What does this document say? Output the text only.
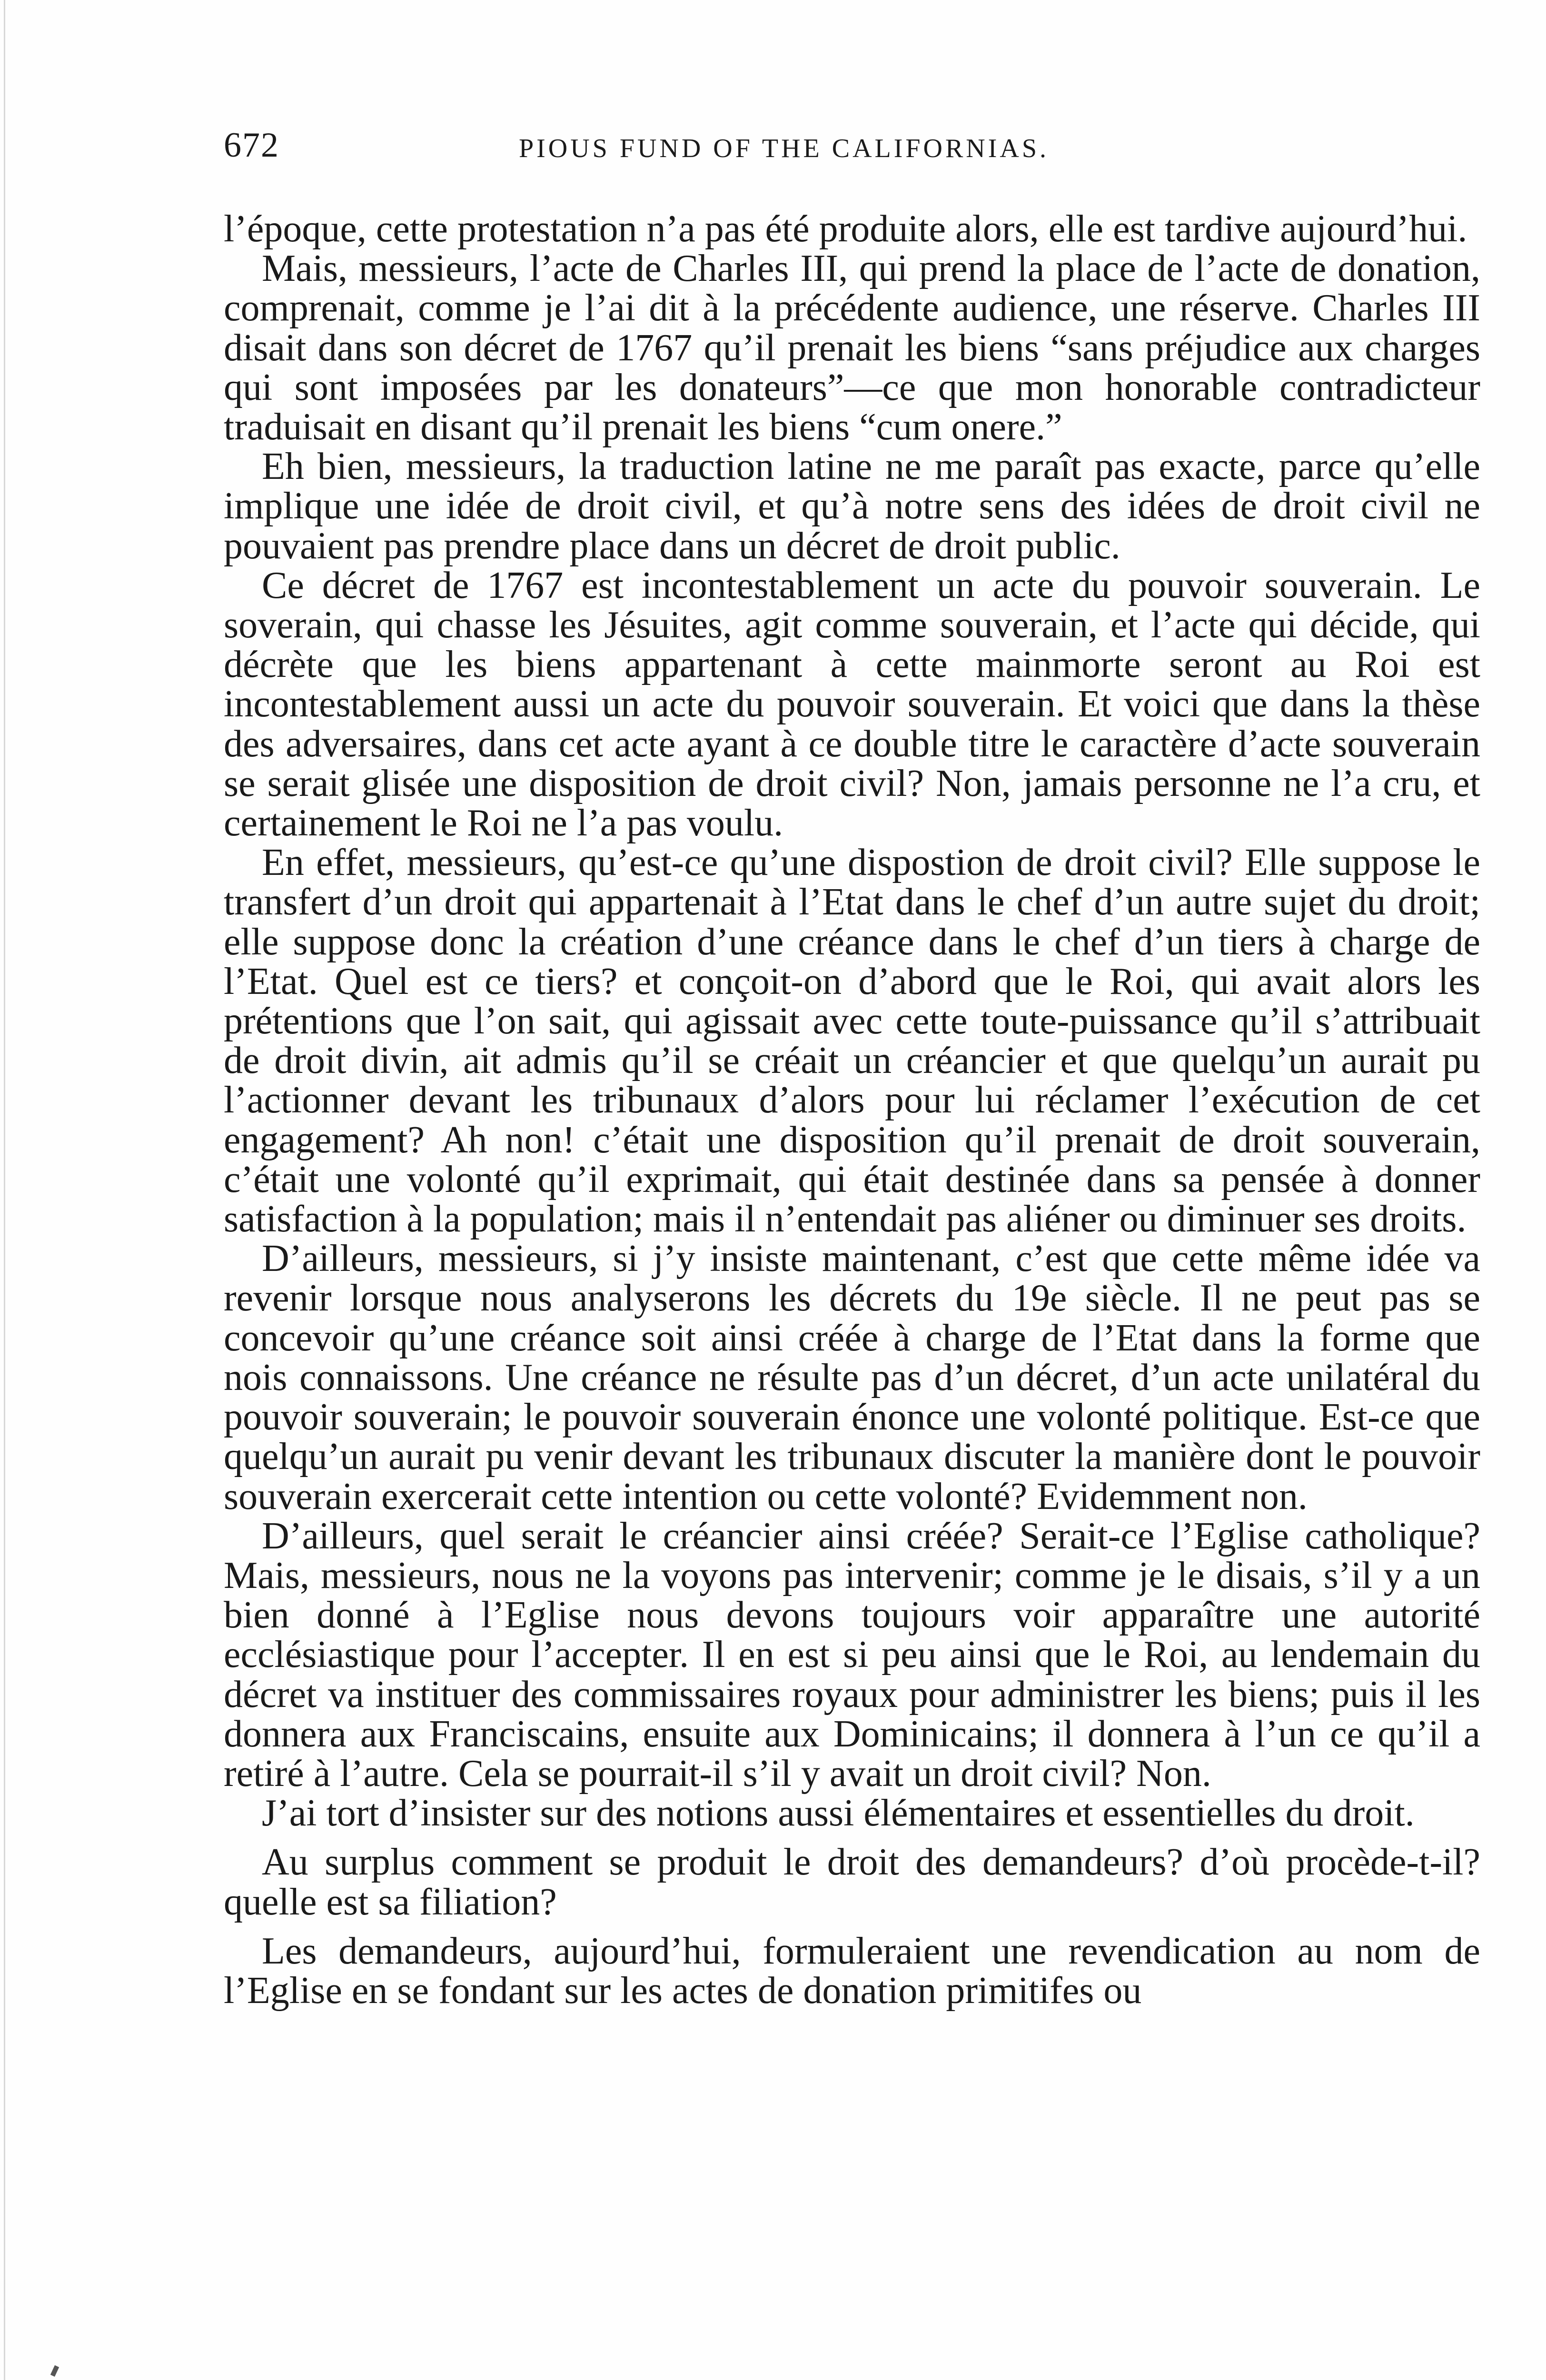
672	PIOUS FUND OF THE CALIFORNIAS.

l’époque, cette protestation n’a pas été produite alors, elle est tardive aujourd’hui.

Mais, messieurs, l’acte de Charles III, qui prend la place de l’acte de donation, comprenait, comme je l’ai dit à la précédente audience, une réserve. Charles III disait dans son décret de 1767 qu’il prenait les biens “sans préjudice aux charges qui sont imposées par les donateurs”—ce que mon honorable contradicteur traduisait en disant qu’il prenait les biens “cum onere.”

Eh bien, messieurs, la traduction latine ne me paraît pas exacte, parce qu’elle implique une idée de droit civil, et qu’à notre sens des idées de droit civil ne pouvaient pas prendre place dans un décret de droit public.

Ce décret de 1767 est incontestablement un acte du pouvoir souverain. Le soverain, qui chasse les Jésuites, agit comme souverain, et l’acte qui décide, qui décrète que les biens appartenant à cette mainmorte seront au Roi est incontestablement aussi un acte du pouvoir souverain. Et voici que dans la thèse des adversaires, dans cet acte ayant à ce double titre le caractère d’acte souverain se serait glisée une disposition de droit civil? Non, jamais personne ne l’a cru, et certainement le Roi ne l’a pas voulu.

En effet, messieurs, qu’est-ce qu’une dispostion de droit civil? Elle suppose le transfert d’un droit qui appartenait à l’Etat dans le chef d’un autre sujet du droit; elle suppose donc la création d’une créance dans le chef d’un tiers à charge de l’Etat. Quel est ce tiers? et conçoit-on d’abord que le Roi, qui avait alors les prétentions que l’on sait, qui agissait avec cette toute-puissance qu’il s’attribuait de droit divin, ait admis qu’il se créait un créancier et que quelqu’un aurait pu l’actionner devant les tribunaux d’alors pour lui réclamer l’exécution de cet engagement? Ah non! c’était une disposition qu’il prenait de droit souverain, c’était une volonté qu’il exprimait, qui était destinée dans sa pensée à donner satisfaction à la population; mais il n’entendait pas aliéner ou diminuer ses droits.

D’ailleurs, messieurs, si j’y insiste maintenant, c’est que cette même idée va revenir lorsque nous analyserons les décrets du 19e siècle. Il ne peut pas se concevoir qu’une créance soit ainsi créée à charge de l’Etat dans la forme que nois connaissons. Une créance ne résulte pas d’un décret, d’un acte unilatéral du pouvoir souverain; le pouvoir souverain énonce une volonté politique. Est-ce que quelqu’un aurait pu venir devant les tribunaux discuter la manière dont le pouvoir souverain exercerait cette intention ou cette volonté? Evidemment non.

D’ailleurs, quel serait le créancier ainsi créée? Serait-ce l’Eglise catholique? Mais, messieurs, nous ne la voyons pas intervenir; comme je le disais, s’il y a un bien donné à l’Eglise nous devons toujours voir apparaître une autorité ecclésiastique pour l’accepter. Il en est si peu ainsi que le Roi, au lendemain du décret va instituer des commissaires royaux pour administrer les biens; puis il les donnera aux Franciscains, ensuite aux Dominicains; il donnera à l’un ce qu’il a retiré à l’autre. Cela se pourrait-il s’il y avait un droit civil? Non.

J’ai tort d’insister sur des notions aussi élémentaires et essentielles du droit.

Au surplus comment se produit le droit des demandeurs? d’où procède-t-il? quelle est sa filiation?

Les demandeurs, aujourd’hui, formuleraient une revendication au nom de l’Eglise en se fondant sur les actes de donation primitifes ou
